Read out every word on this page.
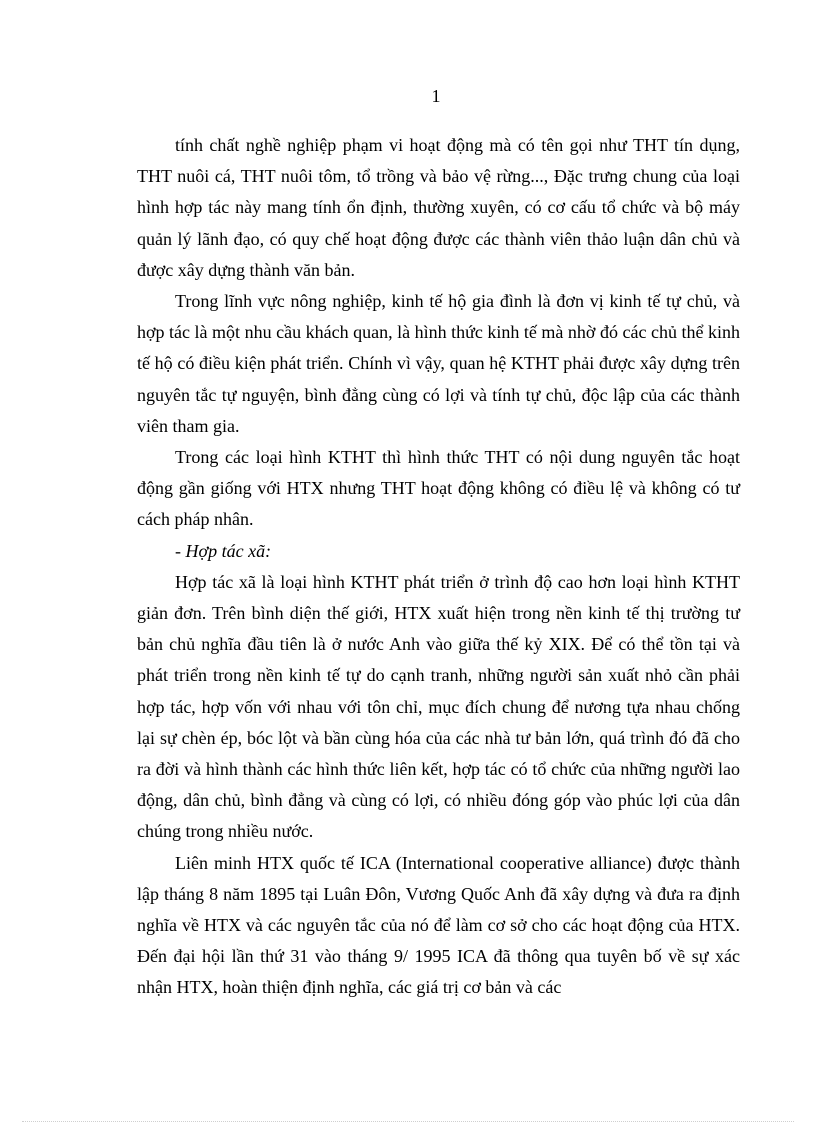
1

tính chất nghề nghiệp phạm vi hoạt động mà có tên gọi như THT tín dụng, THT nuôi cá, THT nuôi tôm, tổ trồng và bảo vệ rừng..., Đặc trưng chung của loại hình hợp tác này mang tính ổn định, thường xuyên, có cơ cấu tổ chức và bộ máy quản lý lãnh đạo, có quy chế hoạt động được các thành viên thảo luận dân chủ và được xây dựng thành văn bản.

Trong lĩnh vực nông nghiệp, kinh tế hộ gia đình là đơn vị kinh tế tự chủ, và hợp tác là một nhu cầu khách quan, là hình thức kinh tế mà nhờ đó các chủ thể kinh tế hộ có điều kiện phát triển. Chính vì vậy, quan hệ KTHT phải được xây dựng trên nguyên tắc tự nguyện, bình đẳng cùng có lợi và tính tự chủ, độc lập của các thành viên tham gia.

Trong các loại hình KTHT thì hình thức THT có nội dung nguyên tắc hoạt động gần giống với HTX nhưng THT hoạt động không có điều lệ và không có tư cách pháp nhân.

- Hợp tác xã:

Hợp tác xã là loại hình KTHT phát triển ở trình độ cao hơn loại hình KTHT giản đơn. Trên bình diện thế giới, HTX xuất hiện trong nền kinh tế thị trường tư bản chủ nghĩa đầu tiên là ở nước Anh vào giữa thế kỷ XIX. Để có thể tồn tại và phát triển trong nền kinh tế tự do cạnh tranh, những người sản xuất nhỏ cần phải hợp tác, hợp vốn với nhau với tôn chỉ, mục đích chung để nương tựa nhau chống lại sự chèn ép, bóc lột và bần cùng hóa của các nhà tư bản lớn, quá trình đó đã cho ra đời và hình thành các hình thức liên kết, hợp tác có tổ chức của những người lao động, dân chủ, bình đẳng và cùng có lợi, có nhiều đóng góp vào phúc lợi của dân chúng trong nhiều nước.

Liên minh HTX quốc tế ICA (International cooperative alliance) được thành lập tháng 8 năm 1895 tại Luân Đôn, Vương Quốc Anh đã xây dựng và đưa ra định nghĩa về HTX và các nguyên tắc của nó để làm cơ sở cho các hoạt động của HTX. Đến đại hội lần thứ 31 vào tháng 9/ 1995 ICA đã thông qua tuyên bố về sự xác nhận HTX, hoàn thiện định nghĩa, các giá trị cơ bản và các
